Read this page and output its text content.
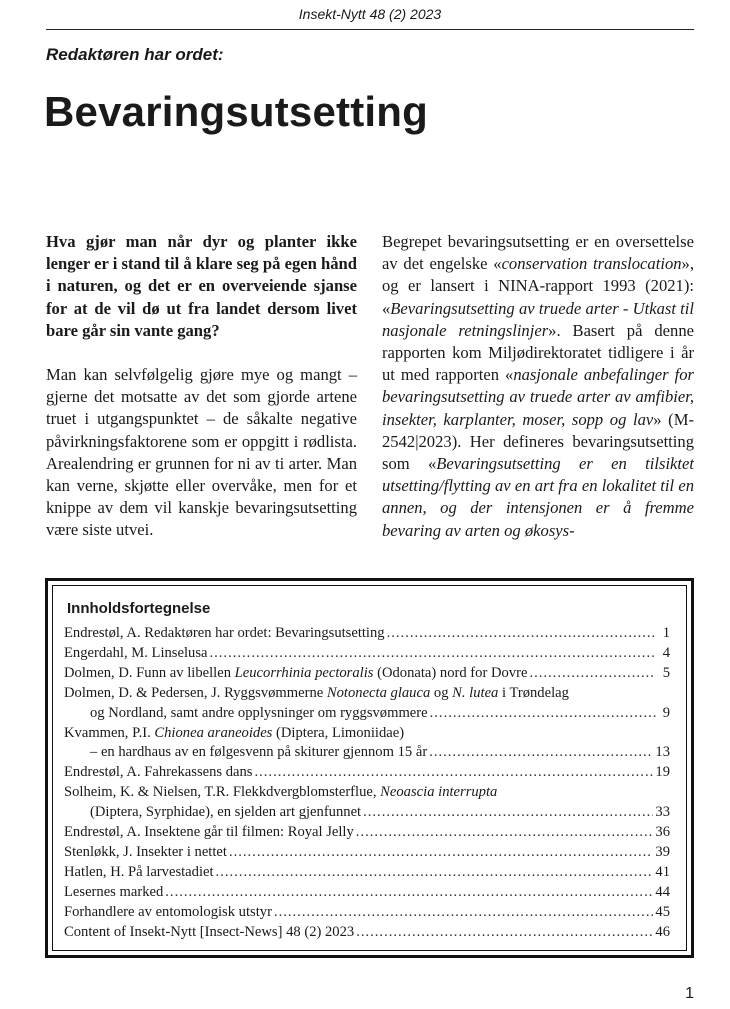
Insekt-Nytt 48 (2) 2023
Redaktøren har ordet:
Bevaringsutsetting

Hva gjør man når dyr og planter ikke lenger er i stand til å klare seg på egen hånd i naturen, og det er en overveiende sjanse for at de vil dø ut fra landet dersom livet bare går sin vante gang?

Man kan selvfølgelig gjøre mye og mangt – gjerne det motsatte av det som gjorde artene truet i utgangspunktet – de såkalte negative påvirkningsfaktorene som er oppgitt i rødlista. Arealendring er grunnen for ni av ti arter. Man kan verne, skjøtte eller overvåke, men for et knippe av dem vil kanskje bevaringsutsetting være siste utvei.

Begrepet bevaringsutsetting er en oversettelse av det engelske «conservation translocation», og er lansert i NINA-rapport 1993 (2021): «Bevaringsutsetting av truede arter - Utkast til nasjonale retningslinjer». Basert på denne rapporten kom Miljødirektoratet tidligere i år ut med rapporten «nasjonale anbefalinger for bevaringsutsetting av truede arter av amfibier, insekter, karplanter, moser, sopp og lav» (M-2542|2023). Her defineres bevaringsutsetting som «Bevaringsutsetting er en tilsiktet utsetting/flytting av en art fra en lokalitet til en annen, og der intensjonen er å fremme bevaring av arten og økosys-

Innholdsfortegnelse
Endrestøl, A. Redaktøren har ordet: Bevaringsutsetting .....	1
Engerdahl, M. Linselusa .....	4
Dolmen, D. Funn av libellen Leucorrhinia pectoralis (Odonata) nord for Dovre .....	5
Dolmen, D. & Pedersen, J. Ryggsvømmerne Notonecta glauca og N. lutea i Trøndelag
og Nordland, samt andre opplysninger om ryggsvømmere .....	9
Kvammen, P.I. Chionea araneoides (Diptera, Limoniidae)
– en hardhaus av en følgesvenn på skiturer gjennom 15 år .....	13
Endrestøl, A. Fahrekassens dans .....	19
Solheim, K. & Nielsen, T.R. Flekkdvergblomsterflue, Neoascia interrupta
(Diptera, Syrphidae), en sjelden art gjenfunnet .....	33
Endrestøl, A. Insektene går til filmen: Royal Jelly .....	36
Stenløkk, J. Insekter i nettet .....	39
Hatlen, H. På larvestadiet .....	41
Lesernes marked .....	44
Forhandlere av entomologisk utstyr .....	45
Content of Insekt-Nytt [Insect-News] 48 (2) 2023 .....	46
1
